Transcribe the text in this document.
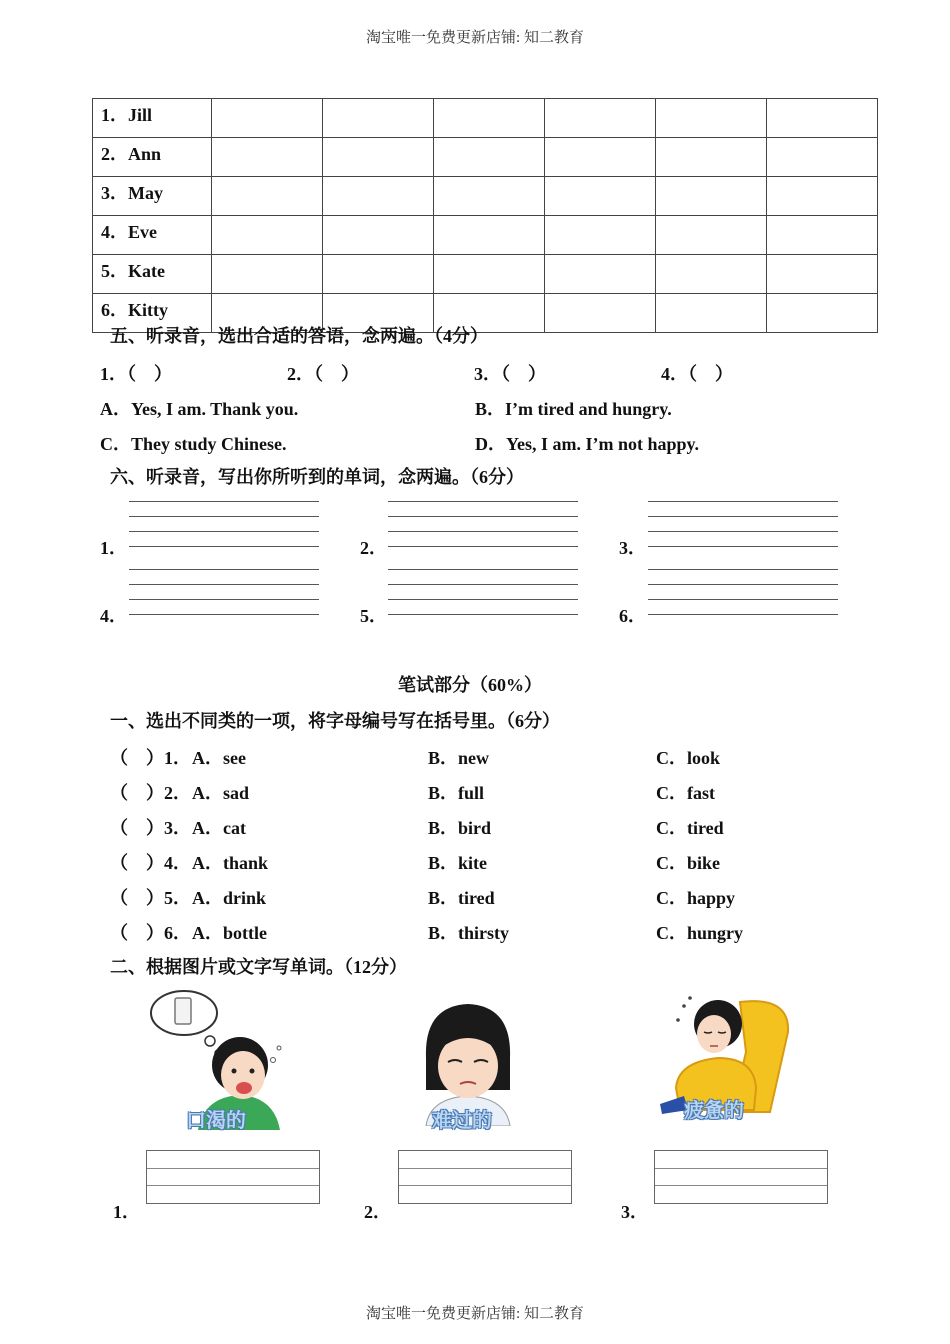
淘宝唯一免费更新店铺: 知二教育
1．Jill						
2．Ann						
3．May						
4．Eve						
5．Kate						
6．Kitty						
五、听录音，选出合适的答语，念两遍。（4分）
1．（　）	2．（　）	3．（　）	4．（　）
A．Yes, I am. Thank you.	B．I’m tired and hungry.
C．They study Chinese.	D．Yes, I am. I’m not happy.
六、听录音，写出你所听到的单词，念两遍。（6分）
1．	2．	3．
4．	5．	6．
笔试部分（60%）
一、选出不同类的一项，将字母编号写在括号里。（6分）
（　）1． A．see	B．new	C．look
（　）2． A．sad	B．full	C．fast
（　）3． A．cat	B．bird	C．tired
（　）4． A．thank	B．kite	C．bike
（　）5． A．drink	B．tired	C．happy
（　）6． A．bottle	B．thirsty	C．hungry
二、根据图片或文字写单词。（12分）
口渴的	难过的	疲惫的
1．	2．	3．
淘宝唯一免费更新店铺: 知二教育
